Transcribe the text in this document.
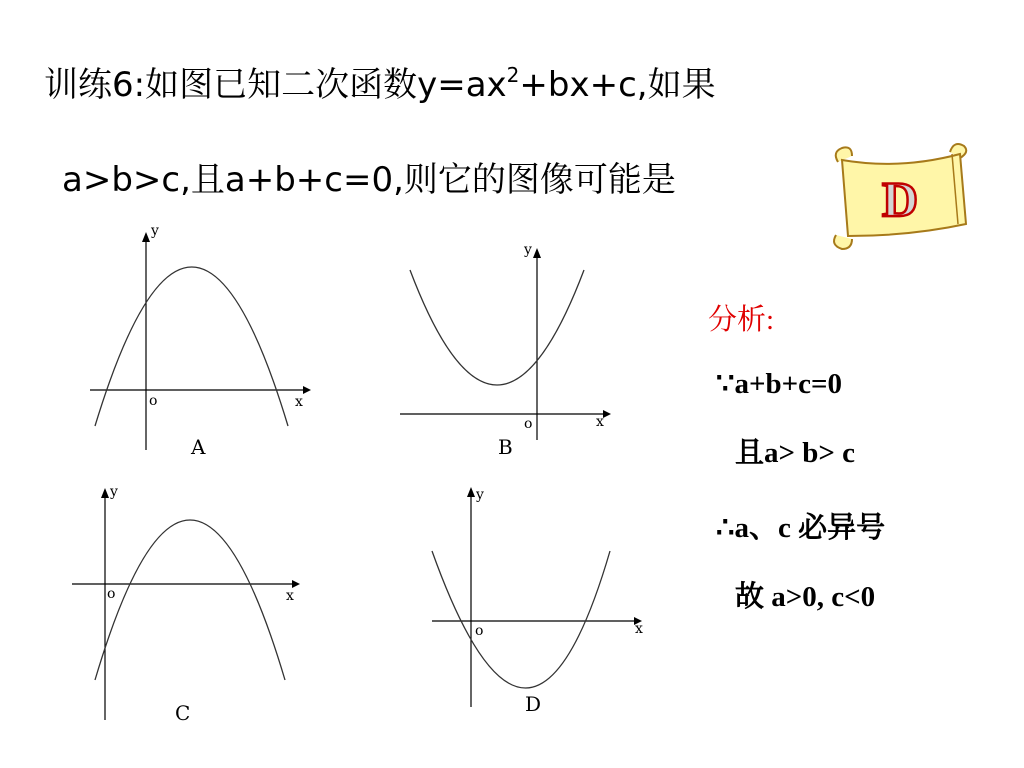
训练6:如图已知二次函数$y=ax^2+bx+c$,如果
a>b>c,且a+b+c=0,则它的图像可能是	D
y
x
o
A
y
x
o
B
y
x
o
C
y
x
o
D
分析:
∵a+b+c=0
且a> b> c
∴a、c 必异号
故 a>0, c<0
